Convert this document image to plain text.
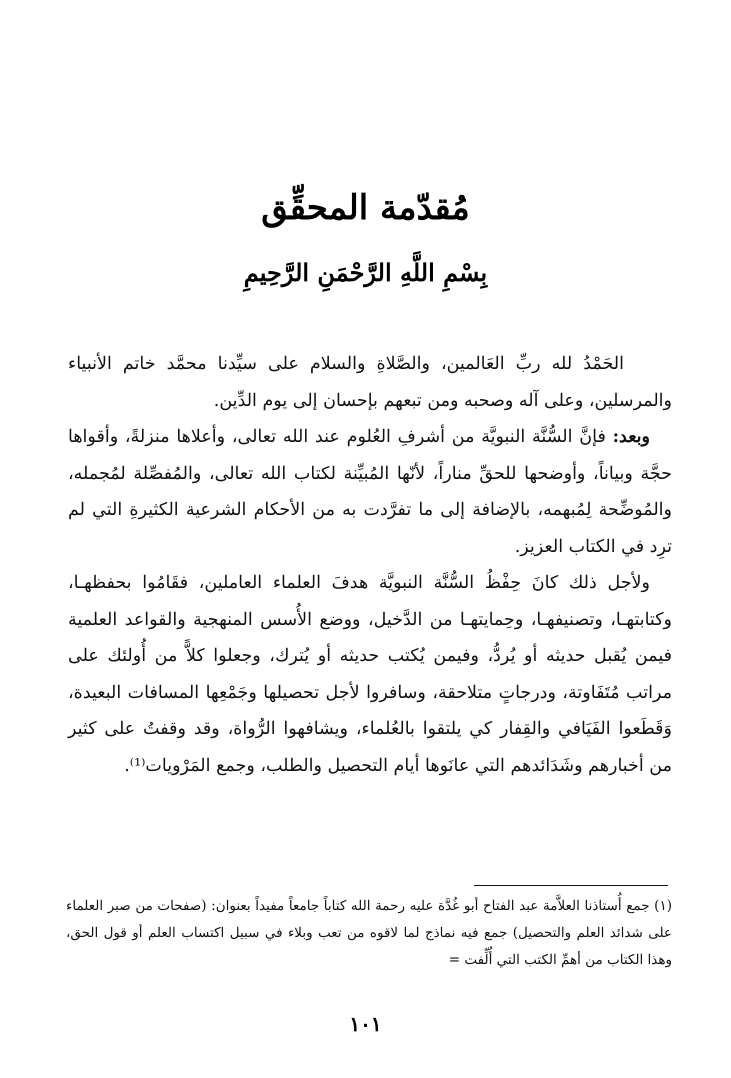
مُقدّمة المحقِّق
بِسْمِ اللَّهِ الرَّحْمَنِ الرَّحِيمِ

الحَمْدُ لله ربِّ العَالمين، والصَّلاةِ والسلام على سيِّدنا محمَّد خاتم الأنبياء والمرسلين، وعلى آله وصحبه ومن تبعهم بإحسان إلى يوم الدِّين.

وبعد: فإنَّ السُّنَّة النبويَّة من أشرفِ العُلوم عند الله تعالى، وأعلاها منزلةً، وأقواها حجَّة وبياناً، وأوضحها للحقِّ مناراً، لأنّها المُبيِّنة لكتاب الله تعالى، والمُفصِّلة لمُجمله، والمُوضِّحة لِمُبهمه، بالإضافة إلى ما تفرَّدت به من الأحكام الشرعية الكثيرةِ التي لم ترِد في الكتاب العزيز.

ولأجل ذلك كانَ حِفْظُ السُّنَّة النبويَّة هدفَ العلماء العاملين، فقَامُوا بحفظهـا، وكتابتهـا، وتصنيفهـا، وحِمايتهـا من الدَّخيل، ووضع الأُسس المنهجية والقواعد العلمية فيمن يُقبل حديثه أو يُردُّ، وفيمن يُكتب حديثه أو يُترك، وجعلوا كلاًّ من أُولئك على مراتب مُتَفَاوتة، ودرجاتٍ متلاحقة، وسافروا لأجل تحصيلها وجَمْعِها المسافات البعيدة، وَقَطَعوا الفَيَافي والقِفار كي يلتقوا بالعُلماء، ويشافهوا الرُّواة، وقد وقفتُ على كثير من أخبارهم وشَدَائدهم التي عانَوها أيام التحصيل والطلب، وجمع المَرْويات⁽¹⁾.

(١) جمع أُستاذنا العلاَّمة عبد الفتاح أبو غُدَّة عليه رحمة الله كتاباً جامعاً مفيداً بعنوان: (صفحات من صبر العلماء على شدائد العلم والتحصيل) جمع فيه نماذج لما لاقوه من تعب وبلاء في سبيل اكتساب العلم أو قول الحق، وهذا الكتاب من أهمِّ الكتب التي أُلِّفت =

١٠١
